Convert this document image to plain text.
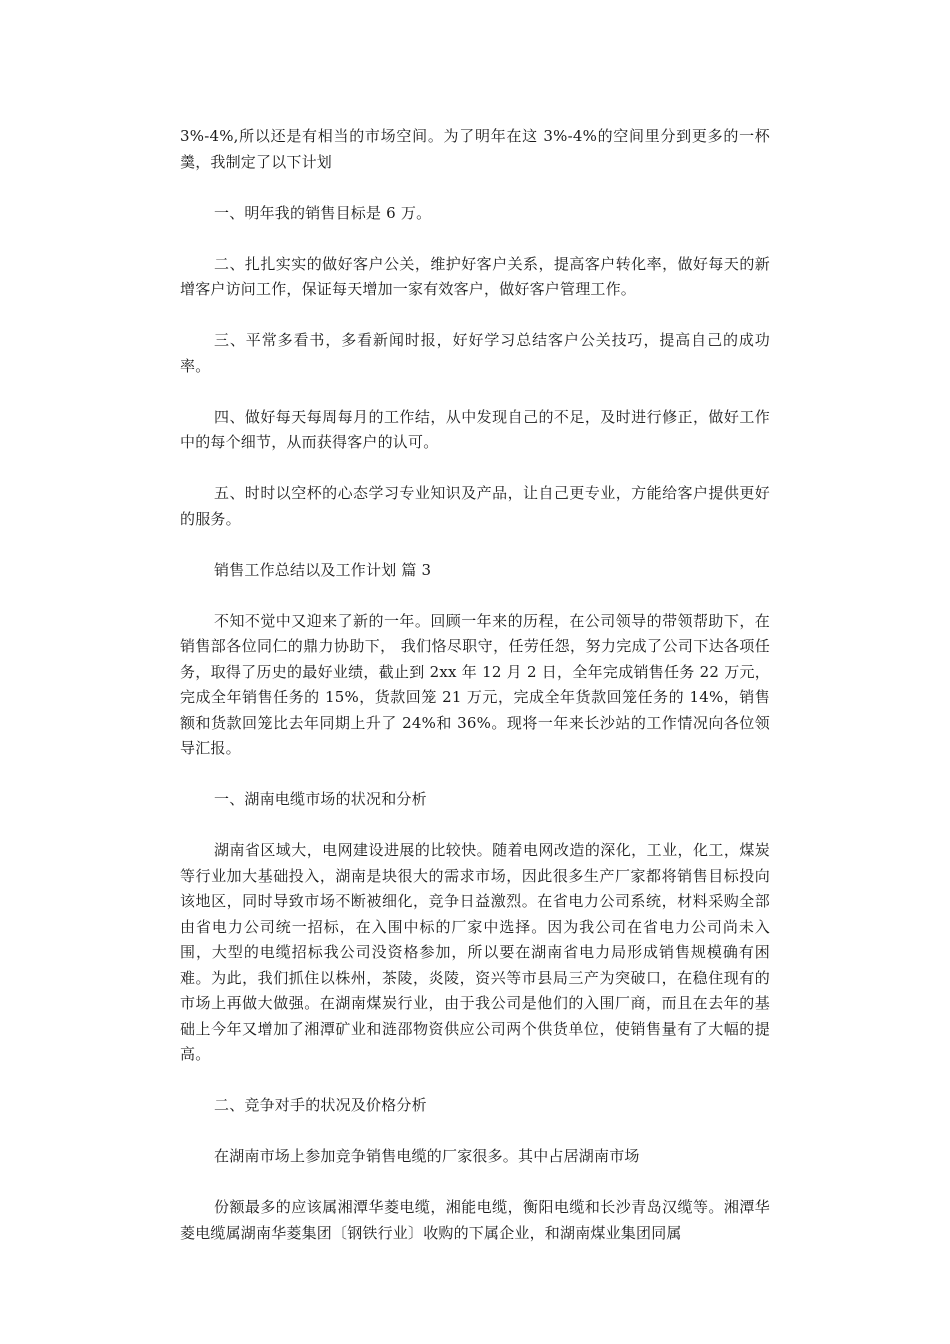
3%-4%,所以还是有相当的市场空间。为了明年在这 3%-4%的空间里分到更多的一杯羹，我制定了以下计划

一、明年我的销售目标是 6 万。

二、扎扎实实的做好客户公关，维护好客户关系，提高客户转化率，做好每天的新增客户访问工作，保证每天增加一家有效客户，做好客户管理工作。

三、平常多看书，多看新闻时报，好好学习总结客户公关技巧，提高自己的成功率。

四、做好每天每周每月的工作结，从中发现自己的不足，及时进行修正，做好工作中的每个细节，从而获得客户的认可。

五、时时以空杯的心态学习专业知识及产品，让自己更专业，方能给客户提供更好的服务。

销售工作总结以及工作计划 篇 3

不知不觉中又迎来了新的一年。回顾一年来的历程，在公司领导的带领帮助下，在销售部各位同仁的鼎力协助下， 我们恪尽职守，任劳任怨，努力完成了公司下达各项任务，取得了历史的最好业绩，截止到 2xx 年 12 月 2 日，全年完成销售任务 22 万元，完成全年销售任务的 15%，货款回笼 21 万元，完成全年货款回笼任务的 14%，销售额和货款回笼比去年同期上升了 24%和 36%。现将一年来长沙站的工作情况向各位领导汇报。

一、湖南电缆市场的状况和分析

湖南省区域大，电网建设进展的比较快。随着电网改造的深化，工业，化工，煤炭等行业加大基础投入，湖南是块很大的需求市场，因此很多生产厂家都将销售目标投向该地区，同时导致市场不断被细化，竞争日益激烈。在省电力公司系统，材料采购全部由省电力公司统一招标，在入围中标的厂家中选择。因为我公司在省电力公司尚未入围，大型的电缆招标我公司没资格参加，所以要在湖南省电力局形成销售规模确有困难。为此，我们抓住以株州，茶陵，炎陵，资兴等市县局三产为突破口，在稳住现有的市场上再做大做强。在湖南煤炭行业，由于我公司是他们的入围厂商，而且在去年的基础上今年又增加了湘潭矿业和涟邵物资供应公司两个供货单位，使销售量有了大幅的提高。

二、竞争对手的状况及价格分析

在湖南市场上参加竞争销售电缆的厂家很多。其中占居湖南市场

份额最多的应该属湘潭华菱电缆，湘能电缆，衡阳电缆和长沙青岛汉缆等。湘潭华菱电缆属湖南华菱集团〔钢铁行业〕收购的下属企业，和湖南煤业集团同属
